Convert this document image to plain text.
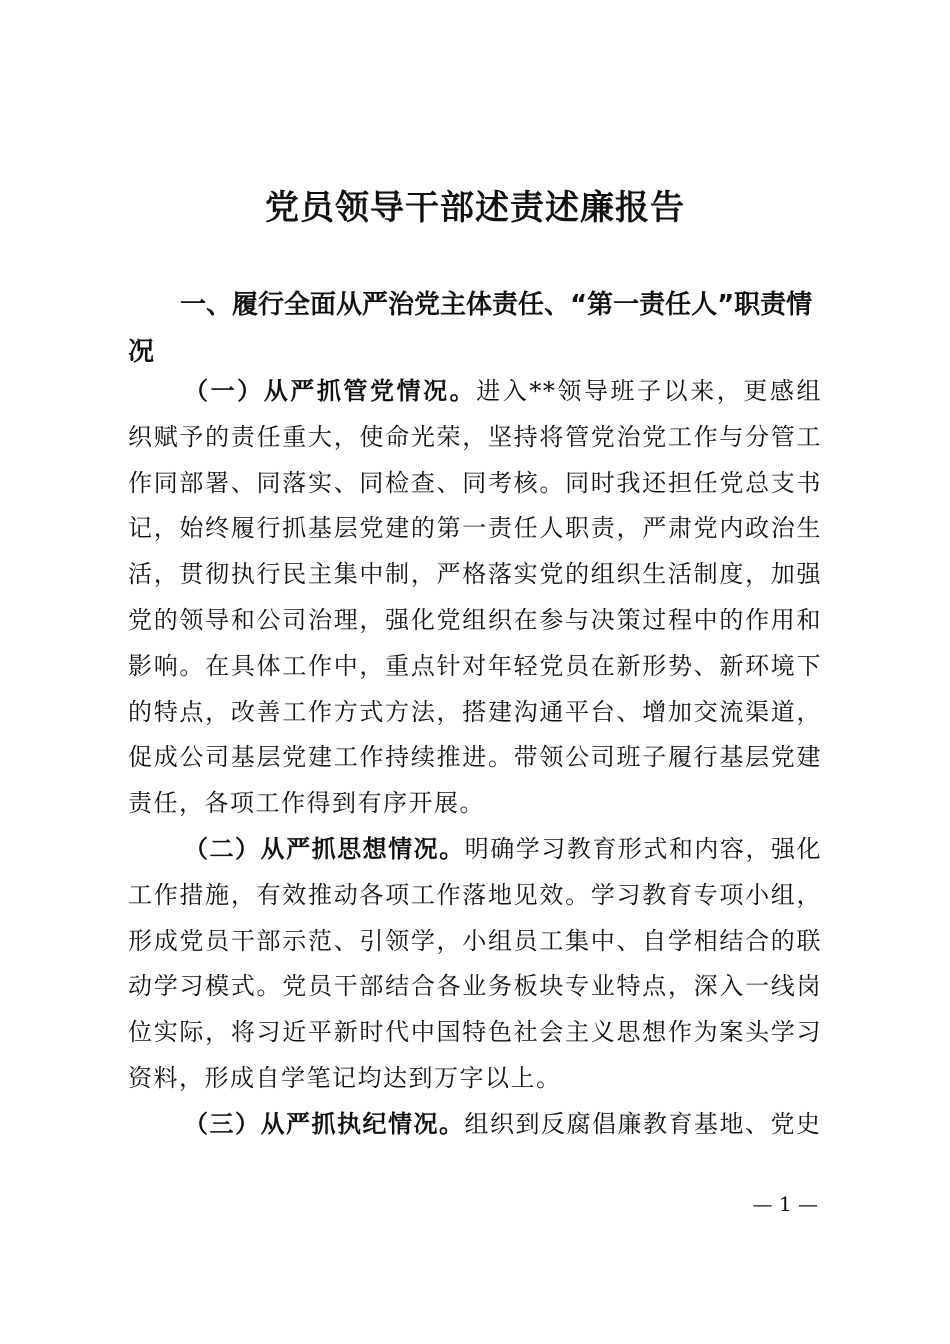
党员领导干部述责述廉报告
一、履行全面从严治党主体责任、“第一责任人”职责情况

（一）从严抓管党情况。进入**领导班子以来，更感组织赋予的责任重大，使命光荣，坚持将管党治党工作与分管工作同部署、同落实、同检查、同考核。同时我还担任党总支书记，始终履行抓基层党建的第一责任人职责，严肃党内政治生活，贯彻执行民主集中制，严格落实党的组织生活制度，加强党的领导和公司治理，强化党组织在参与决策过程中的作用和影响。在具体工作中，重点针对年轻党员在新形势、新环境下的特点，改善工作方式方法，搭建沟通平台、增加交流渠道，促成公司基层党建工作持续推进。带领公司班子履行基层党建责任，各项工作得到有序开展。

（二）从严抓思想情况。明确学习教育形式和内容，强化工作措施，有效推动各项工作落地见效。学习教育专项小组，形成党员干部示范、引领学，小组员工集中、自学相结合的联动学习模式。党员干部结合各业务板块专业特点，深入一线岗位实际，将习近平新时代中国特色社会主义思想作为案头学习资料，形成自学笔记均达到万字以上。

（三）从严抓执纪情况。组织到反腐倡廉教育基地、党史

— 1 —
